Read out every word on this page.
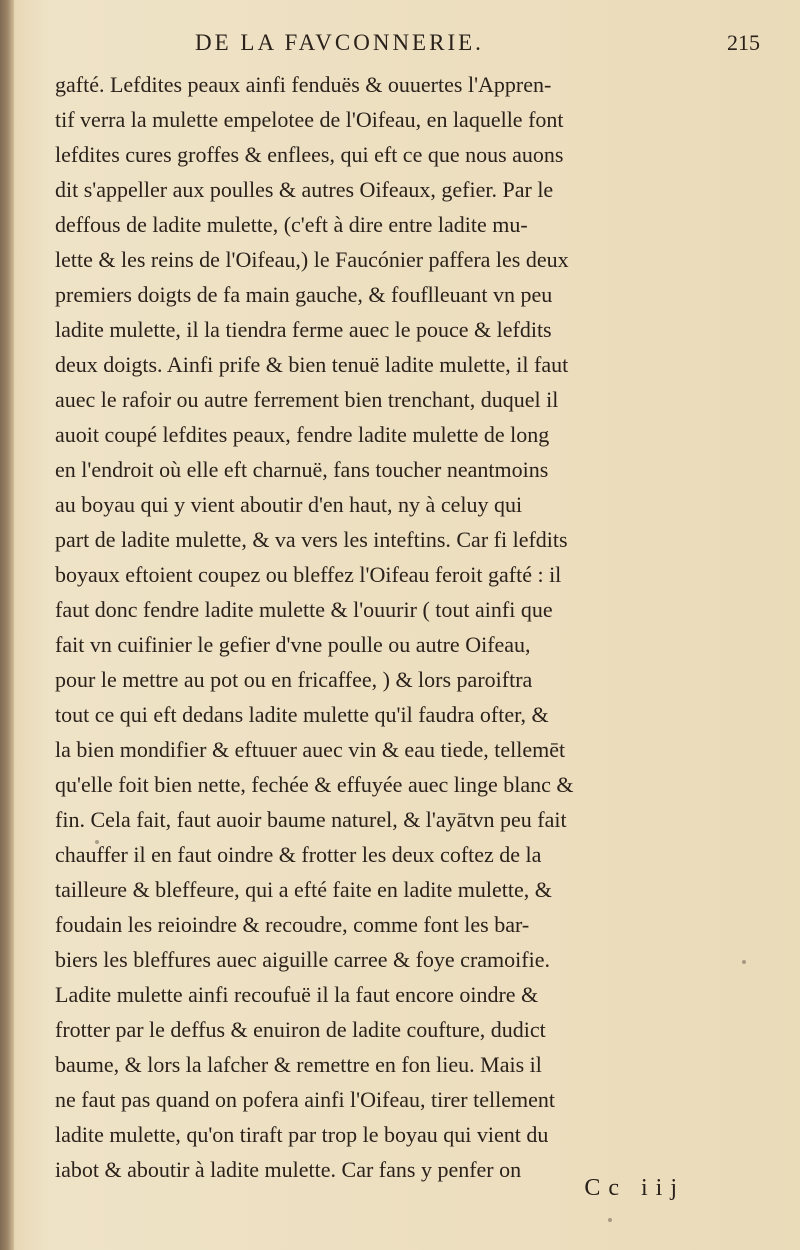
DE LA FAVCONNERIE.	215
gafté. Lefdites peaux ainfi fenduës & ouuertes l'Appren-
tif verra la mulette empelotee de l'Oifeau, en laquelle font
lefdites cures groffes & enflees, qui eft ce que nous auons
dit s'appeller aux poulles & autres Oifeaux, gefier. Par le
deffous de ladite mulette, (c'eft à dire entre ladite mu-
lette & les reins de l'Oifeau,) le Faucónier paffera les deux
premiers doigts de fa main gauche, & fouflleuant vn peu
ladite mulette, il la tiendra ferme auec le pouce & lefdits
deux doigts. Ainfi prife & bien tenuë ladite mulette, il faut
auec le rafoir ou autre ferrement bien trenchant, duquel il
auoit coupé lefdites peaux, fendre ladite mulette de long
en l'endroit où elle eft charnuë, fans toucher neantmoins
au boyau qui y vient aboutir d'en haut, ny à celuy qui
part de ladite mulette, & va vers les inteftins. Car fi lefdits
boyaux eftoient coupez ou bleffez l'Oifeau feroit gafté : il
faut donc fendre ladite mulette & l'ouurir ( tout ainfi que
fait vn cuifinier le gefier d'vne poulle ou autre Oifeau,
pour le mettre au pot ou en fricaffee, ) & lors paroiftra
tout ce qui eft dedans ladite mulette qu'il faudra ofter, &
la bien mondifier & eftuuer auec vin & eau tiede, tellemēt
qu'elle foit bien nette, fechée & effuyée auec linge blanc &
fin. Cela fait, faut auoir baume naturel, & l'ayātvn peu fait
chauffer il en faut oindre & frotter les deux coftez de la
tailleure & bleffeure, qui a efté faite en ladite mulette, &
foudain les reioindre & recoudre, comme font les bar-
biers les bleffures auec aiguille carree & foye cramoifie.
Ladite mulette ainfi recoufuë il la faut encore oindre &
frotter par le deffus & enuiron de ladite coufture, dudict
baume, & lors la lafcher & remettre en fon lieu. Mais il
ne faut pas quand on pofera ainfi l'Oifeau, tirer tellement
ladite mulette, qu'on tiraft par trop le boyau qui vient du
iabot & aboutir à ladite mulette. Car fans y penfer on
Cc iij
